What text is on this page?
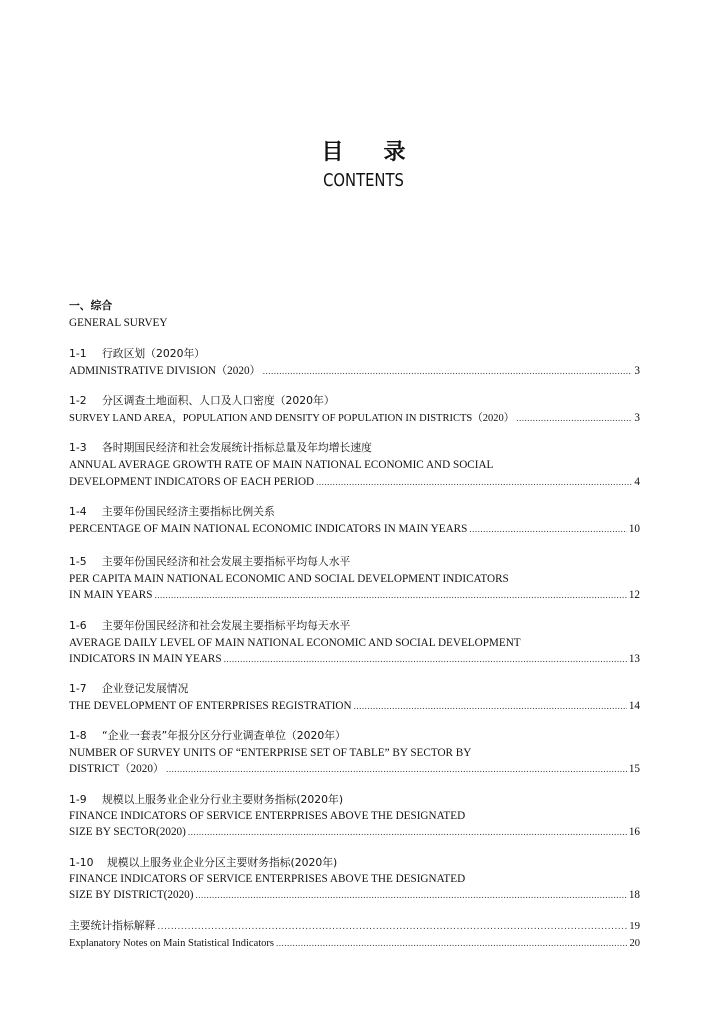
目录
CONTENTS
一、综合
GENERAL SURVEY
1-1 行政区划（2020年）
ADMINISTRATIVE DIVISION（2020） .....	3
1-2 分区调查土地面积、人口及人口密度（2020年）
SURVEY LAND AREA，POPULATION AND DENSITY OF POPULATION IN DISTRICTS（2020） .....	3
1-3 各时期国民经济和社会发展统计指标总量及年均增长速度
ANNUAL AVERAGE GROWTH RATE OF MAIN NATIONAL ECONOMIC AND SOCIAL
DEVELOPMENT INDICATORS OF EACH PERIOD .....	4
1-4 主要年份国民经济主要指标比例关系
PERCENTAGE OF MAIN NATIONAL ECONOMIC INDICATORS IN MAIN YEARS .....	10
1-5 主要年份国民经济和社会发展主要指标平均每人水平
PER CAPITA MAIN NATIONAL ECONOMIC AND SOCIAL DEVELOPMENT INDICATORS
IN MAIN YEARS .....	12
1-6 主要年份国民经济和社会发展主要指标平均每天水平
AVERAGE DAILY LEVEL OF MAIN NATIONAL ECONOMIC AND SOCIAL DEVELOPMENT
INDICATORS IN MAIN YEARS .....	13
1-7 企业登记发展情况
THE DEVELOPMENT OF ENTERPRISES REGISTRATION .....	14
1-8 “企业一套表”年报分区分行业调查单位（2020年）
NUMBER OF SURVEY UNITS OF “ENTERPRISE SET OF TABLE” BY SECTOR BY
DISTRICT（2020） .....	15
1-9 规模以上服务业企业分行业主要财务指标(2020年)
FINANCE INDICATORS OF SERVICE ENTERPRISES ABOVE THE DESIGNATED
SIZE BY SECTOR(2020) .....	16
1-10 规模以上服务业企业分区主要财务指标(2020年)
FINANCE INDICATORS OF SERVICE ENTERPRISES ABOVE THE DESIGNATED
SIZE BY DISTRICT(2020) .....	18
主要统计指标解释 .....	19
Explanatory Notes on Main Statistical Indicators .....	20
